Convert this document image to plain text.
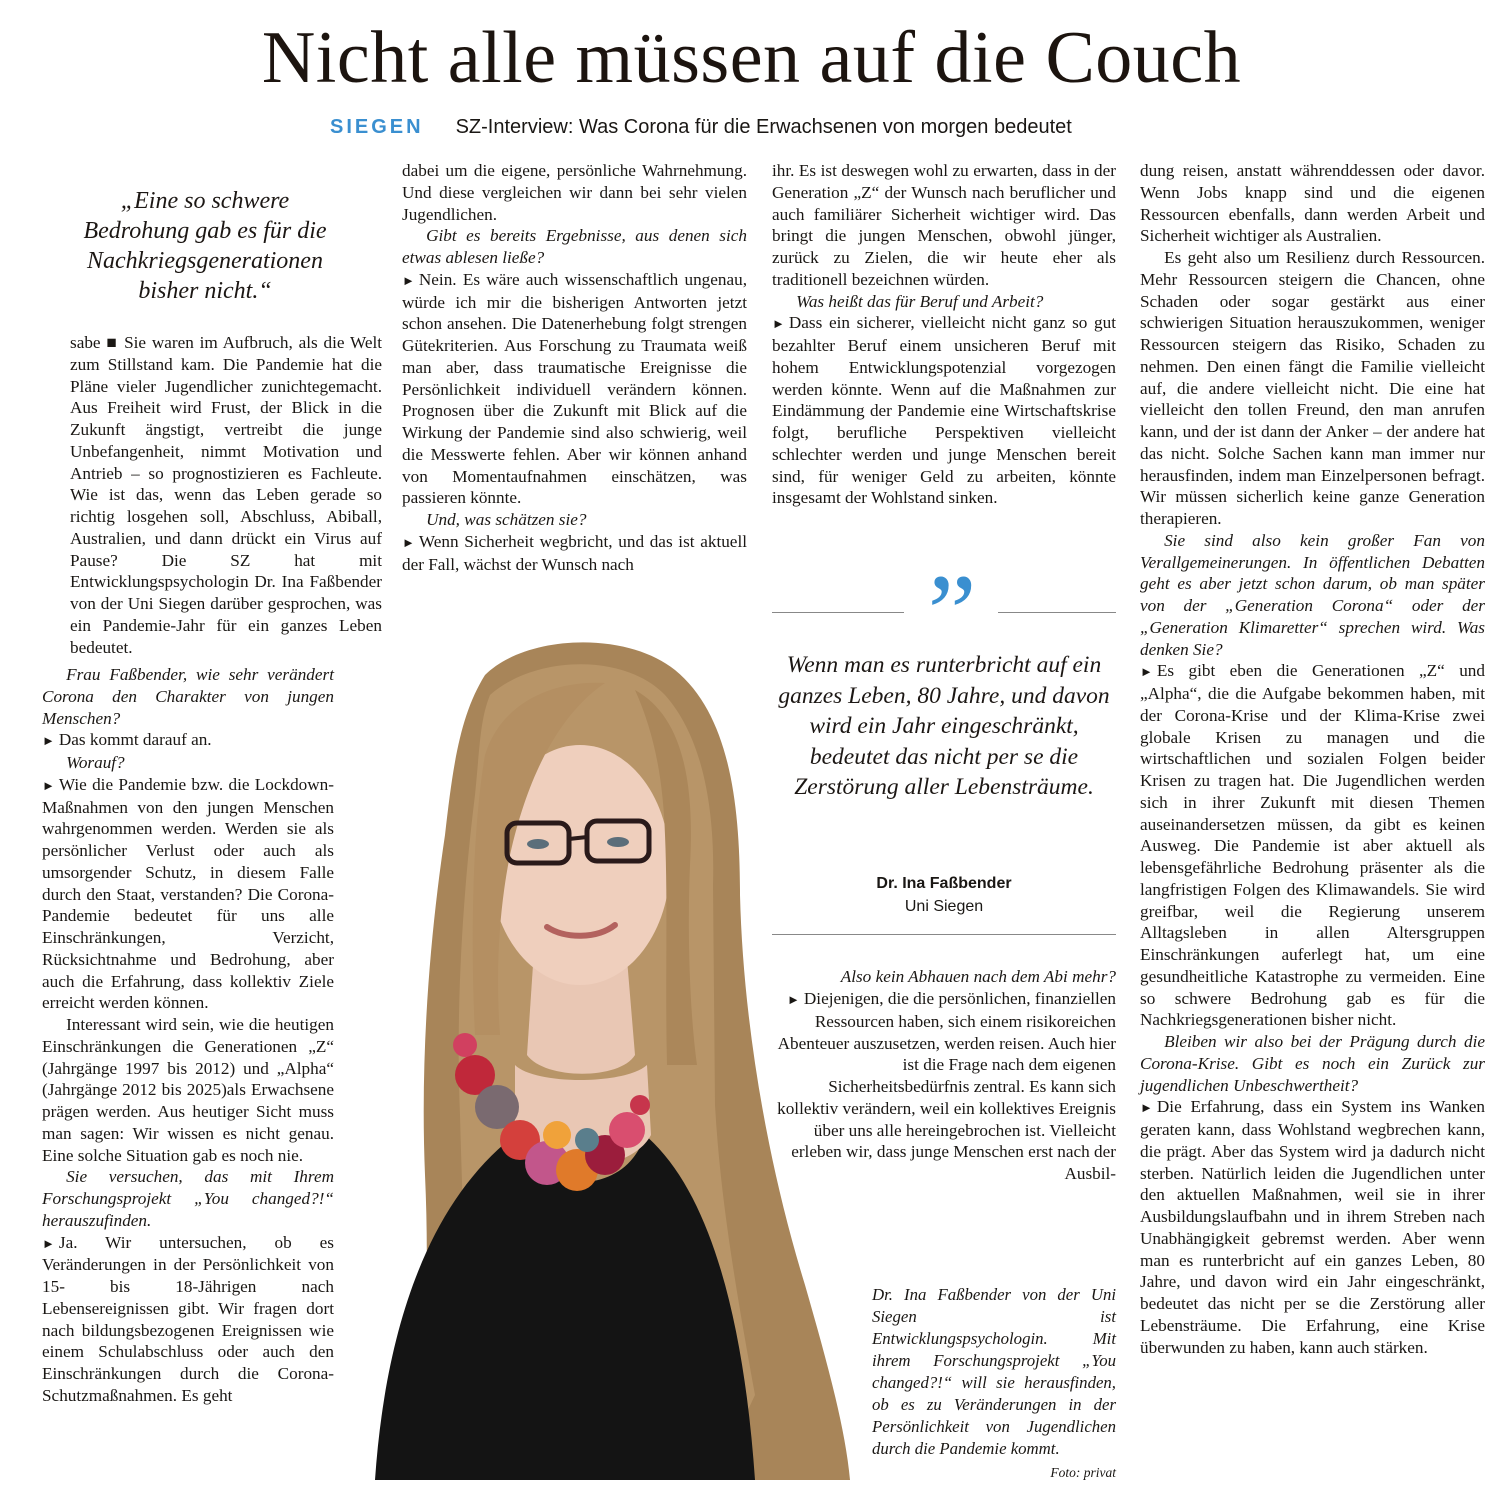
Nicht alle müssen auf die Couch
SIEGEN SZ-Interview: Was Corona für die Erwachsenen von morgen bedeutet
„Eine so schwere Bedrohung gab es für die Nachkriegsgenerationen bisher nicht.“

sabe ■ Sie waren im Aufbruch, als die Welt zum Stillstand kam. Die Pandemie hat die Pläne vieler Jugendlicher zunichtegemacht. Aus Freiheit wird Frust, der Blick in die Zukunft ängstigt, vertreibt die junge Unbefangenheit, nimmt Motivation und Antrieb – so prognostizieren es Fachleute. Wie ist das, wenn das Leben gerade so richtig losgehen soll, Abschluss, Abiball, Australien, und dann drückt ein Virus auf Pause? Die SZ hat mit Entwicklungspsychologin Dr. Ina Faßbender von der Uni Siegen darüber gesprochen, was ein Pandemie-Jahr für ein ganzes Leben bedeutet.

Frau Faßbender, wie sehr verändert Corona den Charakter von jungen Menschen?

► Das kommt darauf an.

Worauf?

► Wie die Pandemie bzw. die Lockdown-Maßnahmen von den jungen Menschen wahrgenommen werden. Werden sie als persönlicher Verlust oder auch als umsorgender Schutz, in diesem Falle durch den Staat, verstanden? Die Corona-Pandemie bedeutet für uns alle Einschränkungen, Verzicht, Rücksichtnahme und Bedrohung, aber auch die Erfahrung, dass kollektiv Ziele erreicht werden können.

Interessant wird sein, wie die heutigen Einschränkungen die Generationen „Z“ (Jahrgänge 1997 bis 2012) und „Alpha“ (Jahrgänge 2012 bis 2025)als Erwachsene prägen werden. Aus heutiger Sicht muss man sagen: Wir wissen es nicht genau. Eine solche Situation gab es noch nie.

Sie versuchen, das mit Ihrem Forschungsprojekt „You changed?!“ herauszufinden.

► Ja. Wir untersuchen, ob es Veränderungen in der Persönlichkeit von 15- bis 18-Jährigen nach Lebensereignissen gibt. Wir fragen dort nach bildungsbezogenen Ereignissen wie einem Schulabschluss oder auch den Einschränkungen durch die Corona-Schutzmaßnahmen. Es geht

dabei um die eigene, persönliche Wahrnehmung. Und diese vergleichen wir dann bei sehr vielen Jugendlichen.

Gibt es bereits Ergebnisse, aus denen sich etwas ablesen ließe?

► Nein. Es wäre auch wissenschaftlich ungenau, würde ich mir die bisherigen Antworten jetzt schon ansehen. Die Datenerhebung folgt strengen Gütekriterien. Aus Forschung zu Traumata weiß man aber, dass traumatische Ereignisse die Persönlichkeit individuell verändern können. Prognosen über die Zukunft mit Blick auf die Wirkung der Pandemie sind also schwierig, weil die Messwerte fehlen. Aber wir können anhand von Momentaufnahmen einschätzen, was passieren könnte.

Und, was schätzen sie?

► Wenn Sicherheit wegbricht, und das ist aktuell der Fall, wächst der Wunsch nach

ihr. Es ist deswegen wohl zu erwarten, dass in der Generation „Z“ der Wunsch nach beruflicher und auch familiärer Sicherheit wichtiger wird. Das bringt die jungen Menschen, obwohl jünger, zurück zu Zielen, die wir heute eher als traditionell bezeichnen würden.

Was heißt das für Beruf und Arbeit?

► Dass ein sicherer, vielleicht nicht ganz so gut bezahlter Beruf einem unsicheren Beruf mit hohem Entwicklungspotenzial vorgezogen werden könnte. Wenn auf die Maßnahmen zur Eindämmung der Pandemie eine Wirtschaftskrise folgt, berufliche Perspektiven vielleicht schlechter werden und junge Menschen bereit sind, für weniger Geld zu arbeiten, könnte insgesamt der Wohlstand sinken.

”
Wenn man es runterbricht auf ein ganzes Leben, 80 Jahre, und davon wird ein Jahr eingeschränkt, bedeutet das nicht per se die Zerstörung aller Lebensträume.
Dr. Ina Faßbender
Uni Siegen

Also kein Abhauen nach dem Abi mehr?

► Diejenigen, die die persönlichen, finanziellen Ressourcen haben, sich einem risikoreichen Abenteuer auszusetzen, werden reisen. Auch hier ist die Frage nach dem eigenen Sicherheitsbedürfnis zentral. Es kann sich kollektiv verändern, weil ein kollektives Ereignis über uns alle hereingebrochen ist. Vielleicht erleben wir, dass junge Menschen erst nach der Ausbil-

Dr. Ina Faßbender von der Uni Siegen ist Entwicklungspsychologin. Mit ihrem Forschungsprojekt „You changed?!“ will sie herausfinden, ob es zu Veränderungen in der Persönlichkeit von Jugendlichen durch die Pandemie kommt.
Foto: privat

dung reisen, anstatt währenddessen oder davor. Wenn Jobs knapp sind und die eigenen Ressourcen ebenfalls, dann werden Arbeit und Sicherheit wichtiger als Australien.

Es geht also um Resilienz durch Ressourcen. Mehr Ressourcen steigern die Chancen, ohne Schaden oder sogar gestärkt aus einer schwierigen Situation herauszukommen, weniger Ressourcen steigern das Risiko, Schaden zu nehmen. Den einen fängt die Familie vielleicht auf, die andere vielleicht nicht. Die eine hat vielleicht den tollen Freund, den man anrufen kann, und der ist dann der Anker – der andere hat das nicht. Solche Sachen kann man immer nur herausfinden, indem man Einzelpersonen befragt. Wir müssen sicherlich keine ganze Generation therapieren.

Sie sind also kein großer Fan von Verallgemeinerungen. In öffentlichen Debatten geht es aber jetzt schon darum, ob man später von der „Generation Corona“ oder der „Generation Klimaretter“ sprechen wird. Was denken Sie?

► Es gibt eben die Generationen „Z“ und „Alpha“, die die Aufgabe bekommen haben, mit der Corona-Krise und der Klima-Krise zwei globale Krisen zu managen und die wirtschaftlichen und sozialen Folgen beider Krisen zu tragen hat. Die Jugendlichen werden sich in ihrer Zukunft mit diesen Themen auseinandersetzen müssen, da gibt es keinen Ausweg. Die Pandemie ist aber aktuell als lebensgefährliche Bedrohung präsenter als die langfristigen Folgen des Klimawandels. Sie wird greifbar, weil die Regierung unserem Alltagsleben in allen Altersgruppen Einschränkungen auferlegt hat, um eine gesundheitliche Katastrophe zu vermeiden. Eine so schwere Bedrohung gab es für die Nachkriegsgenerationen bisher nicht.

Bleiben wir also bei der Prägung durch die Corona-Krise. Gibt es noch ein Zurück zur jugendlichen Unbeschwertheit?

► Die Erfahrung, dass ein System ins Wanken geraten kann, dass Wohlstand wegbrechen kann, die prägt. Aber das System wird ja dadurch nicht sterben. Natürlich leiden die Jugendlichen unter den aktuellen Maßnahmen, weil sie in ihrer Ausbildungslaufbahn und in ihrem Streben nach Unabhängigkeit gebremst werden. Aber wenn man es runterbricht auf ein ganzes Leben, 80 Jahre, und davon wird ein Jahr eingeschränkt, bedeutet das nicht per se die Zerstörung aller Lebensträume. Die Erfahrung, eine Krise überwunden zu haben, kann auch stärken.
